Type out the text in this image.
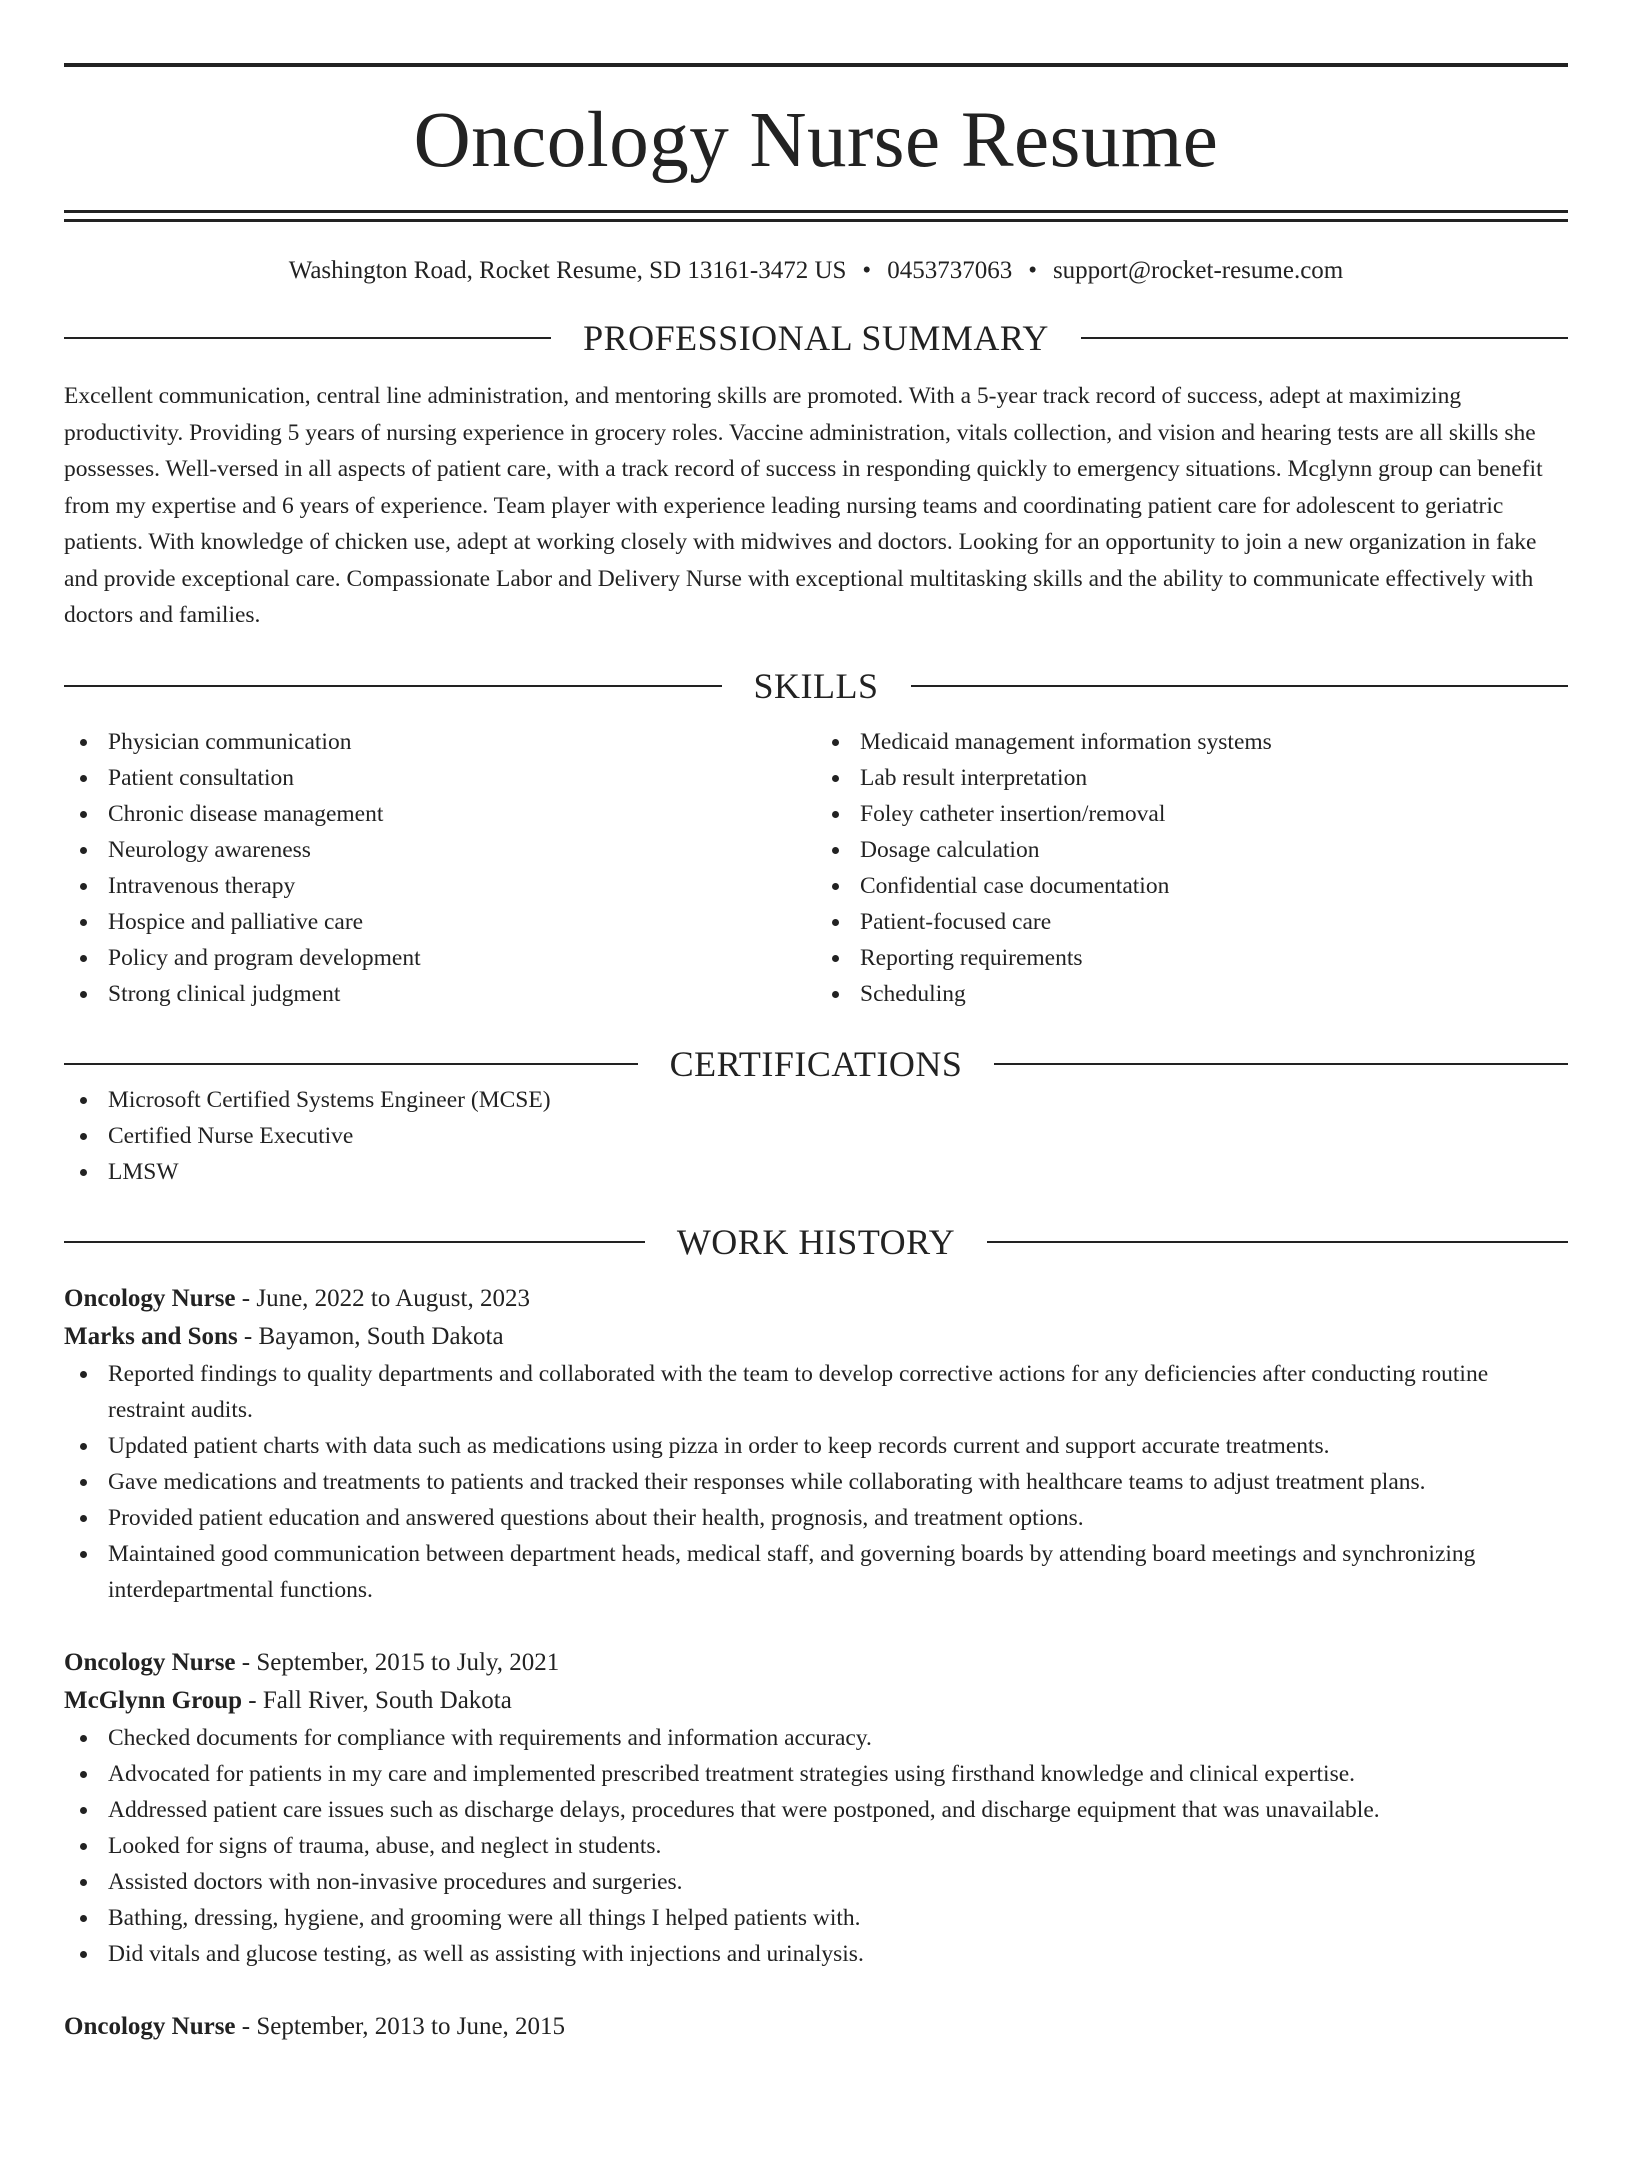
Oncology Nurse Resume
Washington Road, Rocket Resume, SD 13161-3472 US • 0453737063 • support@rocket-resume.com
PROFESSIONAL SUMMARY

Excellent communication, central line administration, and mentoring skills are promoted. With a 5-year track record of success, adept at maximizing productivity. Providing 5 years of nursing experience in grocery roles. Vaccine administration, vitals collection, and vision and hearing tests are all skills she possesses. Well-versed in all aspects of patient care, with a track record of success in responding quickly to emergency situations. Mcglynn group can benefit from my expertise and 6 years of experience. Team player with experience leading nursing teams and coordinating patient care for adolescent to geriatric patients. With knowledge of chicken use, adept at working closely with midwives and doctors. Looking for an opportunity to join a new organization in fake and provide exceptional care. Compassionate Labor and Delivery Nurse with exceptional multitasking skills and the ability to communicate effectively with doctors and families.

SKILLS
Physician communication
Patient consultation
Chronic disease management
Neurology awareness
Intravenous therapy
Hospice and palliative care
Policy and program development
Strong clinical judgment
Medicaid management information systems
Lab result interpretation
Foley catheter insertion/removal
Dosage calculation
Confidential case documentation
Patient-focused care
Reporting requirements
Scheduling
CERTIFICATIONS
Microsoft Certified Systems Engineer (MCSE)
Certified Nurse Executive
LMSW
WORK HISTORY
Oncology Nurse - June, 2022 to August, 2023
Marks and Sons - Bayamon, South Dakota
Reported findings to quality departments and collaborated with the team to develop corrective actions for any deficiencies after conducting routine restraint audits.
Updated patient charts with data such as medications using pizza in order to keep records current and support accurate treatments.
Gave medications and treatments to patients and tracked their responses while collaborating with healthcare teams to adjust treatment plans.
Provided patient education and answered questions about their health, prognosis, and treatment options.
Maintained good communication between department heads, medical staff, and governing boards by attending board meetings and synchronizing interdepartmental functions.
Oncology Nurse - September, 2015 to July, 2021
McGlynn Group - Fall River, South Dakota
Checked documents for compliance with requirements and information accuracy.
Advocated for patients in my care and implemented prescribed treatment strategies using firsthand knowledge and clinical expertise.
Addressed patient care issues such as discharge delays, procedures that were postponed, and discharge equipment that was unavailable.
Looked for signs of trauma, abuse, and neglect in students.
Assisted doctors with non-invasive procedures and surgeries.
Bathing, dressing, hygiene, and grooming were all things I helped patients with.
Did vitals and glucose testing, as well as assisting with injections and urinalysis.
Oncology Nurse - September, 2013 to June, 2015
